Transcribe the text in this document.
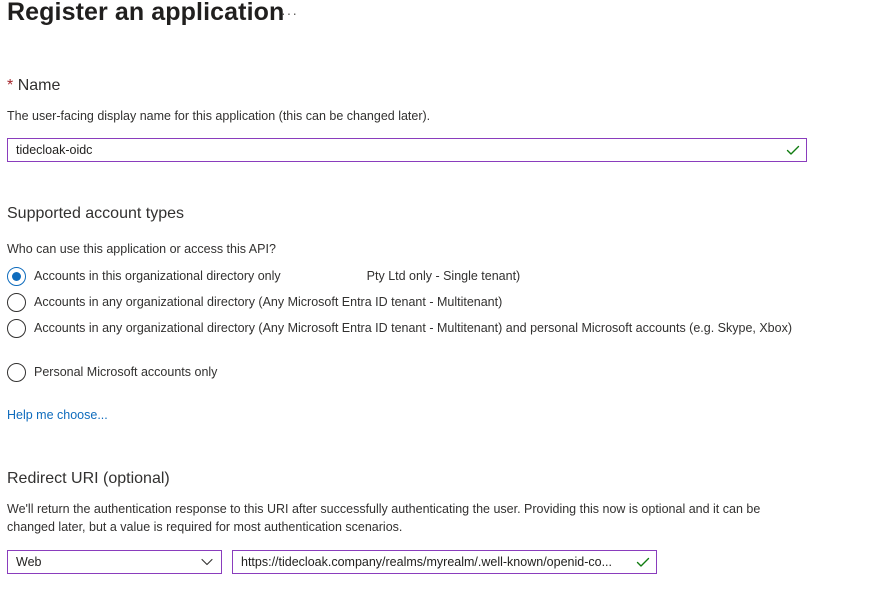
Register an application
···
* Name
The user-facing display name for this application (this can be changed later).
tidecloak-oidc
Supported account types
Who can use this application or access this API?
Accounts in this organizational directory only	Pty Ltd only - Single tenant)
Accounts in any organizational directory (Any Microsoft Entra ID tenant - Multitenant)
Accounts in any organizational directory (Any Microsoft Entra ID tenant - Multitenant) and personal Microsoft accounts (e.g. Skype, Xbox)
Personal Microsoft accounts only
Help me choose...
Redirect URI (optional)
We'll return the authentication response to this URI after successfully authenticating the user. Providing this now is optional and it can be changed later, but a value is required for most authentication scenarios.
Web	https://tidecloak.company/realms/myrealm/.well-known/openid-co...
